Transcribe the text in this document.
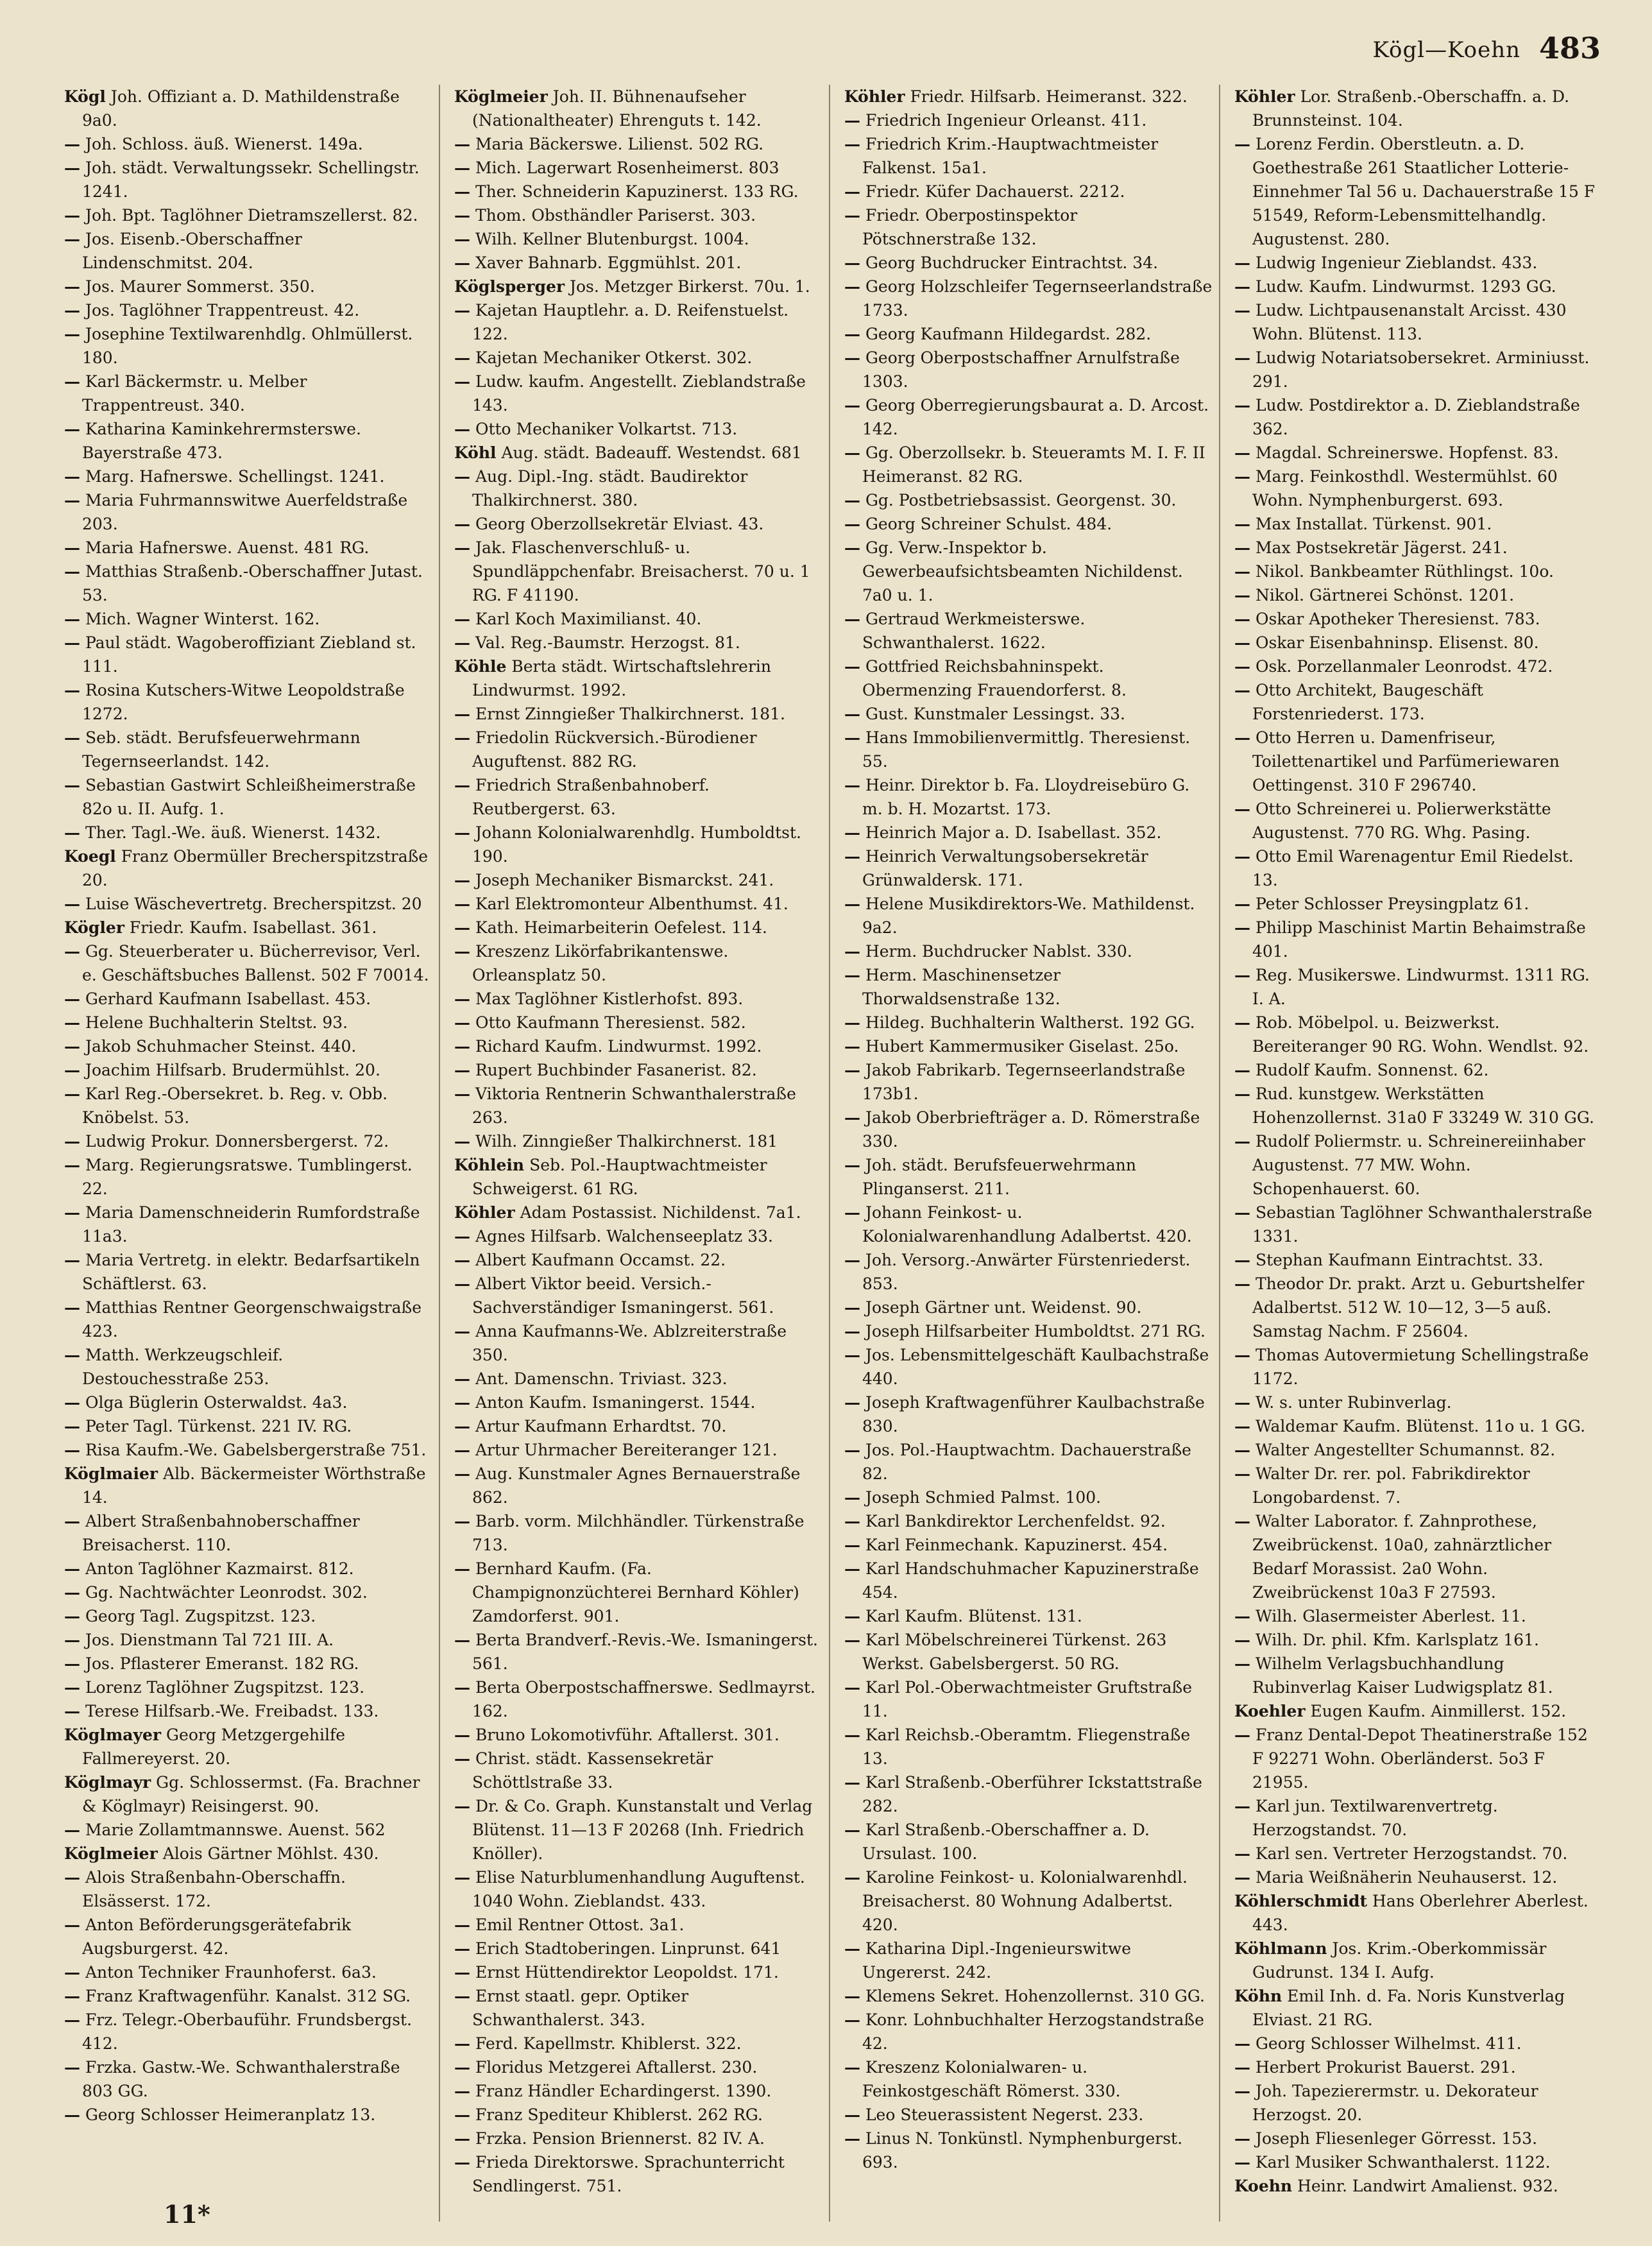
Kögl—Koehn 483
Kögl Joh. Offiziant a. D. Mathildenstraße 9a0.
— Joh. Schloss. äuß. Wienerst. 149a.
— Joh. städt. Verwaltungssekr. Schellingstr. 1241.
— Joh. Bpt. Taglöhner Dietramszellerst. 82.
— Jos. Eisenb.-Oberschaffner Lindenschmitst. 204.
— Jos. Maurer Sommerst. 350.
— Jos. Taglöhner Trappentreust. 42.
— Josephine Textilwarenhdlg. Ohlmüllerst. 180.
— Karl Bäckermstr. u. Melber Trappentreust. 340.
— Katharina Kaminkehrermsterswe. Bayerstraße 473.
— Marg. Hafnerswe. Schellingst. 1241.
— Maria Fuhrmannswitwe Auerfeldstraße 203.
— Maria Hafnerswe. Auenst. 481 RG.
— Matthias Straßenb.-Oberschaffner Jutast. 53.
— Mich. Wagner Winterst. 162.
— Paul städt. Wagoberoffiziant Ziebland st. 111.
— Rosina Kutschers-Witwe Leopoldstraße 1272.
— Seb. städt. Berufsfeuerwehrmann Tegernseerlandst. 142.
— Sebastian Gastwirt Schleißheimerstraße 82o u. II. Aufg. 1.
— Ther. Tagl.-We. äuß. Wienerst. 1432.
Koegl Franz Obermüller Brecherspitzstraße 20.
— Luise Wäschevertretg. Brecherspitzst. 20
Kögler Friedr. Kaufm. Isabellast. 361.
— Gg. Steuerberater u. Bücherrevisor, Verl. e. Geschäftsbuches Ballenst. 502 F 70014.
— Gerhard Kaufmann Isabellast. 453.
— Helene Buchhalterin Steltst. 93.
— Jakob Schuhmacher Steinst. 440.
— Joachim Hilfsarb. Brudermühlst. 20.
— Karl Reg.-Obersekret. b. Reg. v. Obb. Knöbelst. 53.
— Ludwig Prokur. Donnersbergerst. 72.
— Marg. Regierungsratswe. Tumblingerst. 22.
— Maria Damenschneiderin Rumfordstraße 11a3.
— Maria Vertretg. in elektr. Bedarfsartikeln Schäftlerst. 63.
— Matthias Rentner Georgenschwaigstraße 423.
— Matth. Werkzeugschleif. Destouchesstraße 253.
— Olga Büglerin Osterwaldst. 4a3.
— Peter Tagl. Türkenst. 221 IV. RG.
— Risa Kaufm.-We. Gabelsbergerstraße 751.
Köglmaier Alb. Bäckermeister Wörthstraße 14.
— Albert Straßenbahnoberschaffner Breisacherst. 110.
— Anton Taglöhner Kazmairst. 812.
— Gg. Nachtwächter Leonrodst. 302.
— Georg Tagl. Zugspitzst. 123.
— Jos. Dienstmann Tal 721 III. A.
— Jos. Pflasterer Emeranst. 182 RG.
— Lorenz Taglöhner Zugspitzst. 123.
— Terese Hilfsarb.-We. Freibadst. 133.
Köglmayer Georg Metzgergehilfe Fallmereyerst. 20.
Köglmayr Gg. Schlossermst. (Fa. Brachner & Köglmayr) Reisingerst. 90.
— Marie Zollamtmannswe. Auenst. 562
Köglmeier Alois Gärtner Möhlst. 430.
— Alois Straßenbahn-Oberschaffn. Elsässerst. 172.
— Anton Beförderungsgerätefabrik Augsburgerst. 42.
— Anton Techniker Fraunhoferst. 6a3.
— Franz Kraftwagenführ. Kanalst. 312 SG.
— Frz. Telegr.-Oberbauführ. Frundsbergst. 412.
— Frzka. Gastw.-We. Schwanthalerstraße 803 GG.
— Georg Schlosser Heimeranplatz 13.
Köglmeier Joh. II. Bühnenaufseher (Nationaltheater) Ehrenguts t. 142.
— Maria Bäckerswe. Lilienst. 502 RG.
— Mich. Lagerwart Rosenheimerst. 803
— Ther. Schneiderin Kapuzinerst. 133 RG.
— Thom. Obsthändler Pariserst. 303.
— Wilh. Kellner Blutenburgst. 1004.
— Xaver Bahnarb. Eggmühlst. 201.
Köglsperger Jos. Metzger Birkerst. 70u. 1.
— Kajetan Hauptlehr. a. D. Reifenstuelst. 122.
— Kajetan Mechaniker Otkerst. 302.
— Ludw. kaufm. Angestellt. Zieblandstraße 143.
— Otto Mechaniker Volkartst. 713.
Köhl Aug. städt. Badeauff. Westendst. 681
— Aug. Dipl.-Ing. städt. Baudirektor Thalkirchnerst. 380.
— Georg Oberzollsekretär Elviast. 43.
— Jak. Flaschenverschluß- u. Spundläppchenfabr. Breisacherst. 70 u. 1 RG. F 41190.
— Karl Koch Maximilianst. 40.
— Val. Reg.-Baumstr. Herzogst. 81.
Köhle Berta städt. Wirtschaftslehrerin Lindwurmst. 1992.
— Ernst Zinngießer Thalkirchnerst. 181.
— Friedolin Rückversich.-Bürodiener Auguftenst. 882 RG.
— Friedrich Straßenbahnoberf. Reutbergerst. 63.
— Johann Kolonialwarenhdlg. Humboldtst. 190.
— Joseph Mechaniker Bismarckst. 241.
— Karl Elektromonteur Albenthumst. 41.
— Kath. Heimarbeiterin Oefelest. 114.
— Kreszenz Likörfabrikantenswe. Orleansplatz 50.
— Max Taglöhner Kistlerhofst. 893.
— Otto Kaufmann Theresienst. 582.
— Richard Kaufm. Lindwurmst. 1992.
— Rupert Buchbinder Fasanerist. 82.
— Viktoria Rentnerin Schwanthalerstraße 263.
— Wilh. Zinngießer Thalkirchnerst. 181
Köhlein Seb. Pol.-Hauptwachtmeister Schweigerst. 61 RG.
Köhler Adam Postassist. Nichildenst. 7a1.
— Agnes Hilfsarb. Walchenseeplatz 33.
— Albert Kaufmann Occamst. 22.
— Albert Viktor beeid. Versich.-Sachverständiger Ismaningerst. 561.
— Anna Kaufmanns-We. Ablzreiterstraße 350.
— Ant. Damenschn. Triviast. 323.
— Anton Kaufm. Ismaningerst. 1544.
— Artur Kaufmann Erhardtst. 70.
— Artur Uhrmacher Bereiteranger 121.
— Aug. Kunstmaler Agnes Bernauerstraße 862.
— Barb. vorm. Milchhändler. Türkenstraße 713.
— Bernhard Kaufm. (Fa. Champignonzüchterei Bernhard Köhler) Zamdorferst. 901.
— Berta Brandverf.-Revis.-We. Ismaningerst. 561.
— Berta Oberpostschaffnerswe. Sedlmayrst. 162.
— Bruno Lokomotivführ. Aftallerst. 301.
— Christ. städt. Kassensekretär Schöttlstraße 33.
— Dr. & Co. Graph. Kunstanstalt und Verlag Blütenst. 11—13 F 20268 (Inh. Friedrich Knöller).
— Elise Naturblumenhandlung Auguftenst. 1040 Wohn. Zieblandst. 433.
— Emil Rentner Ottost. 3a1.
— Erich Stadtoberingen. Linprunst. 641
— Ernst Hüttendirektor Leopoldst. 171.
— Ernst staatl. gepr. Optiker Schwanthalerst. 343.
— Ferd. Kapellmstr. Khiblerst. 322.
— Floridus Metzgerei Aftallerst. 230.
— Franz Händler Echardingerst. 1390.
— Franz Spediteur Khiblerst. 262 RG.
— Frzka. Pension Briennerst. 82 IV. A.
— Frieda Direktorswe. Sprachunterricht Sendlingerst. 751.
Köhler Friedr. Hilfsarb. Heimeranst. 322.
— Friedrich Ingenieur Orleanst. 411.
— Friedrich Krim.-Hauptwachtmeister Falkenst. 15a1.
— Friedr. Küfer Dachauerst. 2212.
— Friedr. Oberpostinspektor Pötschnerstraße 132.
— Georg Buchdrucker Eintrachtst. 34.
— Georg Holzschleifer Tegernseerlandstraße 1733.
— Georg Kaufmann Hildegardst. 282.
— Georg Oberpostschaffner Arnulfstraße 1303.
— Georg Oberregierungsbaurat a. D. Arcost. 142.
— Gg. Oberzollsekr. b. Steueramts M. I. F. II Heimeranst. 82 RG.
— Gg. Postbetriebsassist. Georgenst. 30.
— Georg Schreiner Schulst. 484.
— Gg. Verw.-Inspektor b. Gewerbeaufsichtsbeamten Nichildenst. 7a0 u. 1.
— Gertraud Werkmeisterswe. Schwanthalerst. 1622.
— Gottfried Reichsbahninspekt. Obermenzing Frauendorferst. 8.
— Gust. Kunstmaler Lessingst. 33.
— Hans Immobilienvermittlg. Theresienst. 55.
— Heinr. Direktor b. Fa. Lloydreisebüro G. m. b. H. Mozartst. 173.
— Heinrich Major a. D. Isabellast. 352.
— Heinrich Verwaltungsobersekretär Grünwaldersk. 171.
— Helene Musikdirektors-We. Mathildenst. 9a2.
— Herm. Buchdrucker Nablst. 330.
— Herm. Maschinensetzer Thorwaldsenstraße 132.
— Hildeg. Buchhalterin Waltherst. 192 GG.
— Hubert Kammermusiker Giselast. 25o.
— Jakob Fabrikarb. Tegernseerlandstraße 173b1.
— Jakob Oberbriefträger a. D. Römerstraße 330.
— Joh. städt. Berufsfeuerwehrmann Plinganserst. 211.
— Johann Feinkost- u. Kolonialwarenhandlung Adalbertst. 420.
— Joh. Versorg.-Anwärter Fürstenriederst. 853.
— Joseph Gärtner unt. Weidenst. 90.
— Joseph Hilfsarbeiter Humboldtst. 271 RG.
— Jos. Lebensmittelgeschäft Kaulbachstraße 440.
— Joseph Kraftwagenführer Kaulbachstraße 830.
— Jos. Pol.-Hauptwachtm. Dachauerstraße 82.
— Joseph Schmied Palmst. 100.
— Karl Bankdirektor Lerchenfeldst. 92.
— Karl Feinmechank. Kapuzinerst. 454.
— Karl Handschuhmacher Kapuzinerstraße 454.
— Karl Kaufm. Blütenst. 131.
— Karl Möbelschreinerei Türkenst. 263 Werkst. Gabelsbergerst. 50 RG.
— Karl Pol.-Oberwachtmeister Gruftstraße 11.
— Karl Reichsb.-Oberamtm. Fliegenstraße 13.
— Karl Straßenb.-Oberführer Ickstattstraße 282.
— Karl Straßenb.-Oberschaffner a. D. Ursulast. 100.
— Karoline Feinkost- u. Kolonialwarenhdl. Breisacherst. 80 Wohnung Adalbertst. 420.
— Katharina Dipl.-Ingenieurswitwe Ungererst. 242.
— Klemens Sekret. Hohenzollernst. 310 GG.
— Konr. Lohnbuchhalter Herzogstandstraße 42.
— Kreszenz Kolonialwaren- u. Feinkostgeschäft Römerst. 330.
— Leo Steuerassistent Negerst. 233.
— Linus N. Tonkünstl. Nymphenburgerst. 693.
Köhler Lor. Straßenb.-Oberschaffn. a. D. Brunnsteinst. 104.
— Lorenz Ferdin. Oberstleutn. a. D. Goethestraße 261 Staatlicher Lotterie-Einnehmer Tal 56 u. Dachauerstraße 15 F 51549, Reform-Lebensmittelhandlg. Augustenst. 280.
— Ludwig Ingenieur Zieblandst. 433.
— Ludw. Kaufm. Lindwurmst. 1293 GG.
— Ludw. Lichtpausenanstalt Arcisst. 430 Wohn. Blütenst. 113.
— Ludwig Notariatsobersekret. Arminiusst. 291.
— Ludw. Postdirektor a. D. Zieblandstraße 362.
— Magdal. Schreinerswe. Hopfenst. 83.
— Marg. Feinkosthdl. Westermühlst. 60 Wohn. Nymphenburgerst. 693.
— Max Installat. Türkenst. 901.
— Max Postsekretär Jägerst. 241.
— Nikol. Bankbeamter Rüthlingst. 10o.
— Nikol. Gärtnerei Schönst. 1201.
— Oskar Apotheker Theresienst. 783.
— Oskar Eisenbahninsp. Elisenst. 80.
— Osk. Porzellanmaler Leonrodst. 472.
— Otto Architekt, Baugeschäft Forstenriederst. 173.
— Otto Herren u. Damenfriseur, Toilettenartikel und Parfümeriewaren Oettingenst. 310 F 296740.
— Otto Schreinerei u. Polierwerkstätte Augustenst. 770 RG. Whg. Pasing.
— Otto Emil Warenagentur Emil Riedelst. 13.
— Peter Schlosser Preysingplatz 61.
— Philipp Maschinist Martin Behaimstraße 401.
— Reg. Musikerswe. Lindwurmst. 1311 RG. I. A.
— Rob. Möbelpol. u. Beizwerkst. Bereiteranger 90 RG. Wohn. Wendlst. 92.
— Rudolf Kaufm. Sonnenst. 62.
— Rud. kunstgew. Werkstätten Hohenzollernst. 31a0 F 33249 W. 310 GG.
— Rudolf Poliermstr. u. Schreinereiinhaber Augustenst. 77 MW. Wohn. Schopenhauerst. 60.
— Sebastian Taglöhner Schwanthalerstraße 1331.
— Stephan Kaufmann Eintrachtst. 33.
— Theodor Dr. prakt. Arzt u. Geburtshelfer Adalbertst. 512 W. 10—12, 3—5 auß. Samstag Nachm. F 25604.
— Thomas Autovermietung Schellingstraße 1172.
— W. s. unter Rubinverlag.
— Waldemar Kaufm. Blütenst. 11o u. 1 GG.
— Walter Angestellter Schumannst. 82.
— Walter Dr. rer. pol. Fabrikdirektor Longobardenst. 7.
— Walter Laborator. f. Zahnprothese, Zweibrückenst. 10a0, zahnärztlicher Bedarf Morassist. 2a0 Wohn. Zweibrückenst 10a3 F 27593.
— Wilh. Glasermeister Aberlest. 11.
— Wilh. Dr. phil. Kfm. Karlsplatz 161.
— Wilhelm Verlagsbuchhandlung Rubinverlag Kaiser Ludwigsplatz 81.
Koehler Eugen Kaufm. Ainmillerst. 152.
— Franz Dental-Depot Theatinerstraße 152 F 92271 Wohn. Oberländerst. 5o3 F 21955.
— Karl jun. Textilwarenvertretg. Herzogstandst. 70.
— Karl sen. Vertreter Herzogstandst. 70.
— Maria Weißnäherin Neuhauserst. 12.
Köhlerschmidt Hans Oberlehrer Aberlest. 443.
Köhlmann Jos. Krim.-Oberkommissär Gudrunst. 134 I. Aufg.
Köhn Emil Inh. d. Fa. Noris Kunstverlag Elviast. 21 RG.
— Georg Schlosser Wilhelmst. 411.
— Herbert Prokurist Bauerst. 291.
— Joh. Tapezierermstr. u. Dekorateur Herzogst. 20.
— Joseph Fliesenleger Görresst. 153.
— Karl Musiker Schwanthalerst. 1122.
Koehn Heinr. Landwirt Amalienst. 932.
11*
